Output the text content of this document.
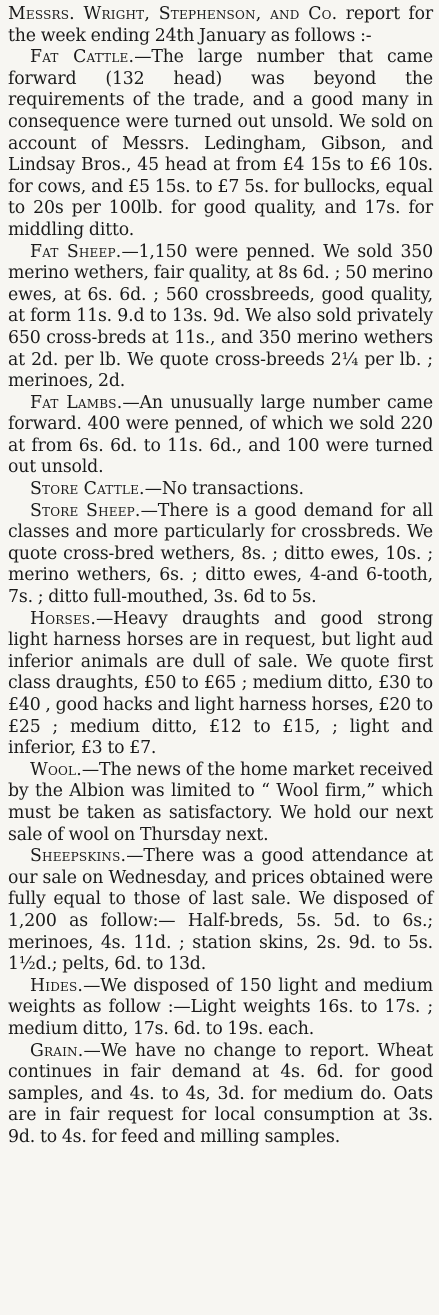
Messrs. Wright, Stephenson, and Co. report for the week ending 24th January as follows :-

Fat Cattle.—The large number that came forward (132 head) was beyond the requirements of the trade, and a good many in consequence were turned out unsold. We sold on account of Messrs. Ledingham, Gibson, and Lindsay Bros., 45 head at from £4 15s to £6 10s. for cows, and £5 15s. to £7 5s. for bullocks, equal to 20s per 100lb. for good quality, and 17s. for middling ditto.

Fat Sheep.—1,150 were penned. We sold 350 merino wethers, fair quality, at 8s 6d. ; 50 merino ewes, at 6s. 6d. ; 560 crossbreeds, good quality, at form 11s. 9.d to 13s. 9d. We also sold privately 650 cross-breds at 11s., and 350 merino wethers at 2d. per lb. We quote cross-breeds 2¼ per lb. ; merinoes, 2d.

Fat Lambs.—An unusually large number came forward. 400 were penned, of which we sold 220 at from 6s. 6d. to 11s. 6d., and 100 were turned out unsold.

Store Cattle.—No transactions.

Store Sheep.—There is a good demand for all classes and more particularly for crossbreds. We quote cross-bred wethers, 8s. ; ditto ewes, 10s. ; merino wethers, 6s. ; ditto ewes, 4-and 6-tooth, 7s. ; ditto full-mouthed, 3s. 6d to 5s.

Horses.—Heavy draughts and good strong light harness horses are in request, but light aud inferior animals are dull of sale. We quote first class draughts, £50 to £65 ; medium ditto, £30 to £40 , good hacks and light harness horses, £20 to £25 ; medium ditto, £12 to £15, ; light and inferior, £3 to £7.

Wool.—The news of the home market received by the Albion was limited to “ Wool firm,” which must be taken as satisfactory. We hold our next sale of wool on Thursday next.

Sheepskins.—There was a good attendance at our sale on Wednesday, and prices obtained were fully equal to those of last sale. We disposed of 1,200 as follow:— Half-breds, 5s. 5d. to 6s.; merinoes, 4s. 11d. ; station skins, 2s. 9d. to 5s. 1½d.; pelts, 6d. to 13d.

Hides.—We disposed of 150 light and medium weights as follow :—Light weights 16s. to 17s. ; medium ditto, 17s. 6d. to 19s. each.

Grain.—We have no change to report. Wheat continues in fair demand at 4s. 6d. for good samples, and 4s. to 4s, 3d. for medium do. Oats are in fair request for local consumption at 3s. 9d. to 4s. for feed and milling samples.
